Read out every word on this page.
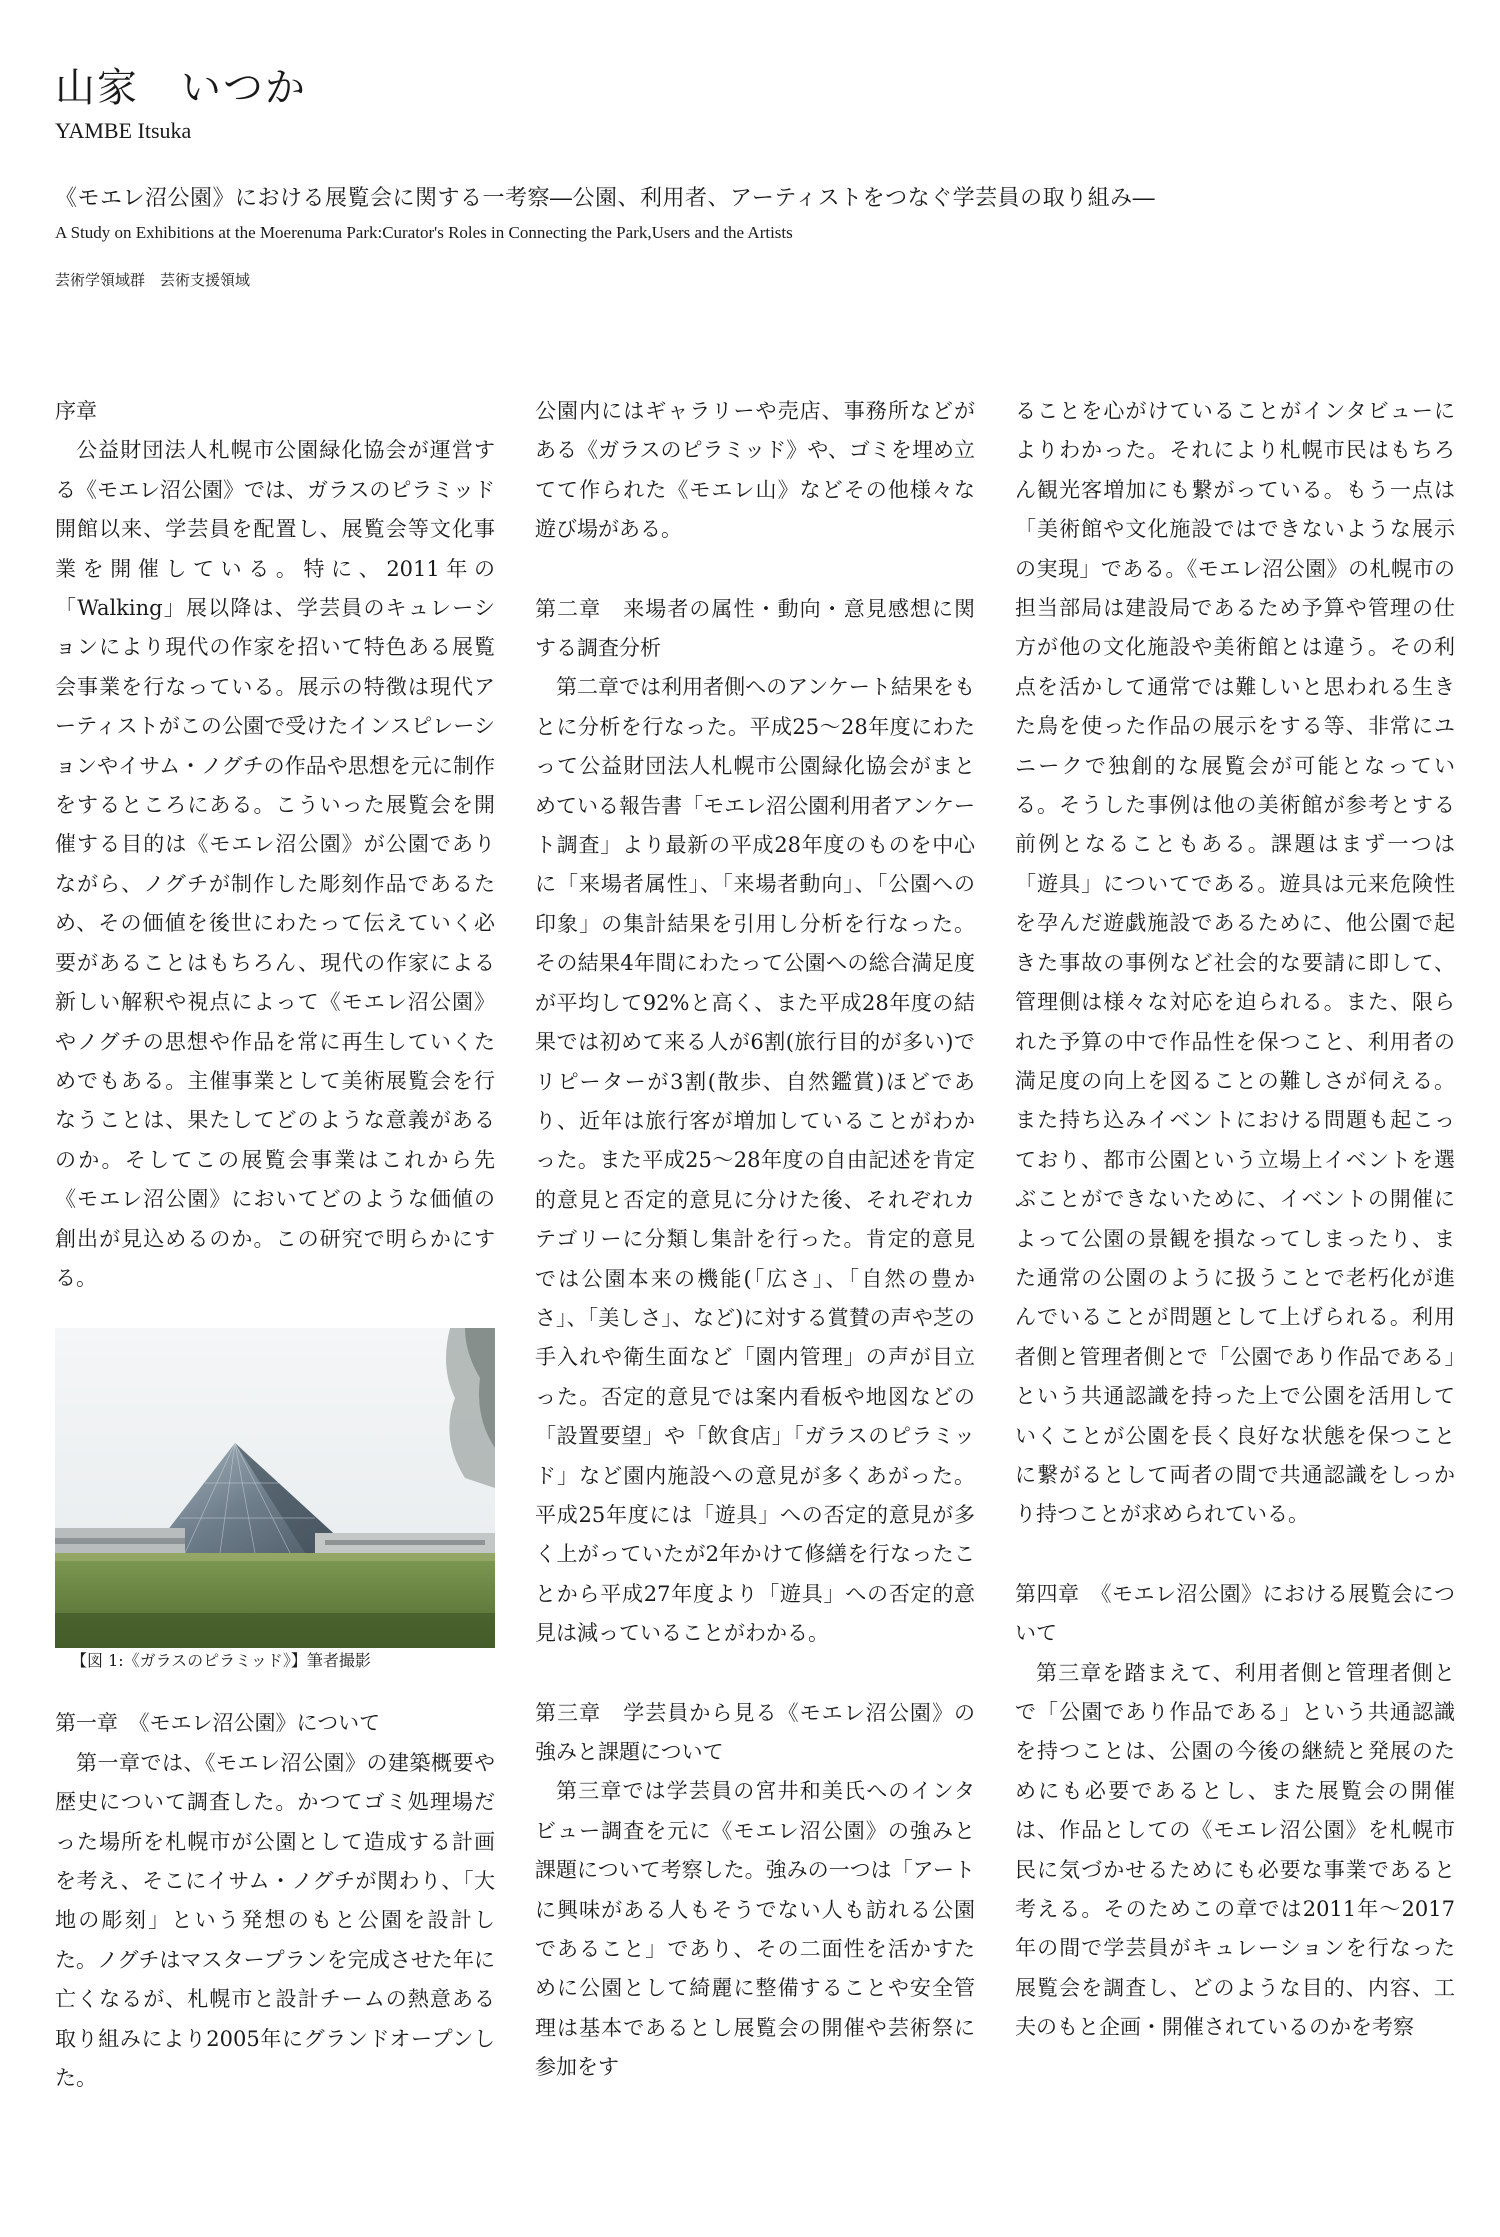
山家　いつか

YAMBE Itsuka

《モエレ沼公園》における展覧会に関する一考察―公園、利用者、アーティストをつなぐ学芸員の取り組み―

A Study on Exhibitions at the Moerenuma Park:Curator's Roles in Connecting the Park,Users and the Artists

芸術学領域群　芸術支援領域

序章

公益財団法人札幌市公園緑化協会が運営する《モエレ沼公園》では、ガラスのピラミッド開館以来、学芸員を配置し、展覧会等文化事業を開催している。特に、2011年の「Walking」展以降は、学芸員のキュレーションにより現代の作家を招いて特色ある展覧会事業を行なっている。展示の特徴は現代アーティストがこの公園で受けたインスピレーションやイサム・ノグチの作品や思想を元に制作をするところにある。こういった展覧会を開催する目的は《モエレ沼公園》が公園でありながら、ノグチが制作した彫刻作品であるため、その価値を後世にわたって伝えていく必要があることはもちろん、現代の作家による新しい解釈や視点によって《モエレ沼公園》やノグチの思想や作品を常に再生していくためでもある。主催事業として美術展覧会を行なうことは、果たしてどのような意義があるのか。そしてこの展覧会事業はこれから先《モエレ沼公園》においてどのような価値の創出が見込めるのか。この研究で明らかにする。

【図 1:《ガラスのピラミッド》】筆者撮影

第一章　《モエレ沼公園》について

第一章では、《モエレ沼公園》の建築概要や歴史について調査した。かつてゴミ処理場だった場所を札幌市が公園として造成する計画を考え、そこにイサム・ノグチが関わり、「大地の彫刻」という発想のもと公園を設計した。ノグチはマスタープランを完成させた年に亡くなるが、札幌市と設計チームの熱意ある取り組みにより2005年にグランドオープンした。

公園内にはギャラリーや売店、事務所などがある《ガラスのピラミッド》や、ゴミを埋め立てて作られた《モエレ山》などその他様々な遊び場がある。

第二章　来場者の属性・動向・意見感想に関する調査分析

第二章では利用者側へのアンケート結果をもとに分析を行なった。平成25～28年度にわたって公益財団法人札幌市公園緑化協会がまとめている報告書「モエレ沼公園利用者アンケート調査」より最新の平成28年度のものを中心に「来場者属性」、「来場者動向」、「公園への印象」の集計結果を引用し分析を行なった。その結果4年間にわたって公園への総合満足度が平均して92%と高く、また平成28年度の結果では初めて来る人が6割(旅行目的が多い)でリピーターが3割(散歩、自然鑑賞)ほどであり、近年は旅行客が増加していることがわかった。また平成25～28年度の自由記述を肯定的意見と否定的意見に分けた後、それぞれカテゴリーに分類し集計を行った。肯定的意見では公園本来の機能(「広さ」、「自然の豊かさ」、「美しさ」、など)に対する賞賛の声や芝の手入れや衛生面など「園内管理」の声が目立った。否定的意見では案内看板や地図などの「設置要望」や「飲食店」「ガラスのピラミッド」など園内施設への意見が多くあがった。平成25年度には「遊具」への否定的意見が多く上がっていたが2年かけて修繕を行なったことから平成27年度より「遊具」への否定的意見は減っていることがわかる。

第三章　学芸員から見る《モエレ沼公園》の強みと課題について

第三章では学芸員の宮井和美氏へのインタビュー調査を元に《モエレ沼公園》の強みと課題について考察した。強みの一つは「アートに興味がある人もそうでない人も訪れる公園であること」であり、その二面性を活かすために公園として綺麗に整備することや安全管理は基本であるとし展覧会の開催や芸術祭に参加をす

ることを心がけていることがインタビューによりわかった。それにより札幌市民はもちろん観光客増加にも繋がっている。もう一点は「美術館や文化施設ではできないような展示の実現」である。《モエレ沼公園》の札幌市の担当部局は建設局であるため予算や管理の仕方が他の文化施設や美術館とは違う。その利点を活かして通常では難しいと思われる生きた鳥を使った作品の展示をする等、非常にユニークで独創的な展覧会が可能となっている。そうした事例は他の美術館が参考とする前例となることもある。課題はまず一つは「遊具」についてである。遊具は元来危険性を孕んだ遊戯施設であるために、他公園で起きた事故の事例など社会的な要請に即して、管理側は様々な対応を迫られる。また、限られた予算の中で作品性を保つこと、利用者の満足度の向上を図ることの難しさが伺える。また持ち込みイベントにおける問題も起こっており、都市公園という立場上イベントを選ぶことができないために、イベントの開催によって公園の景観を損なってしまったり、また通常の公園のように扱うことで老朽化が進んでいることが問題として上げられる。利用者側と管理者側とで「公園であり作品である」という共通認識を持った上で公園を活用していくことが公園を長く良好な状態を保つことに繋がるとして両者の間で共通認識をしっかり持つことが求められている。

第四章　《モエレ沼公園》における展覧会について

第三章を踏まえて、利用者側と管理者側とで「公園であり作品である」という共通認識を持つことは、公園の今後の継続と発展のためにも必要であるとし、また展覧会の開催は、作品としての《モエレ沼公園》を札幌市民に気づかせるためにも必要な事業であると考える。そのためこの章では2011年～2017年の間で学芸員がキュレーションを行なった展覧会を調査し、どのような目的、内容、工夫のもと企画・開催されているのかを考察
